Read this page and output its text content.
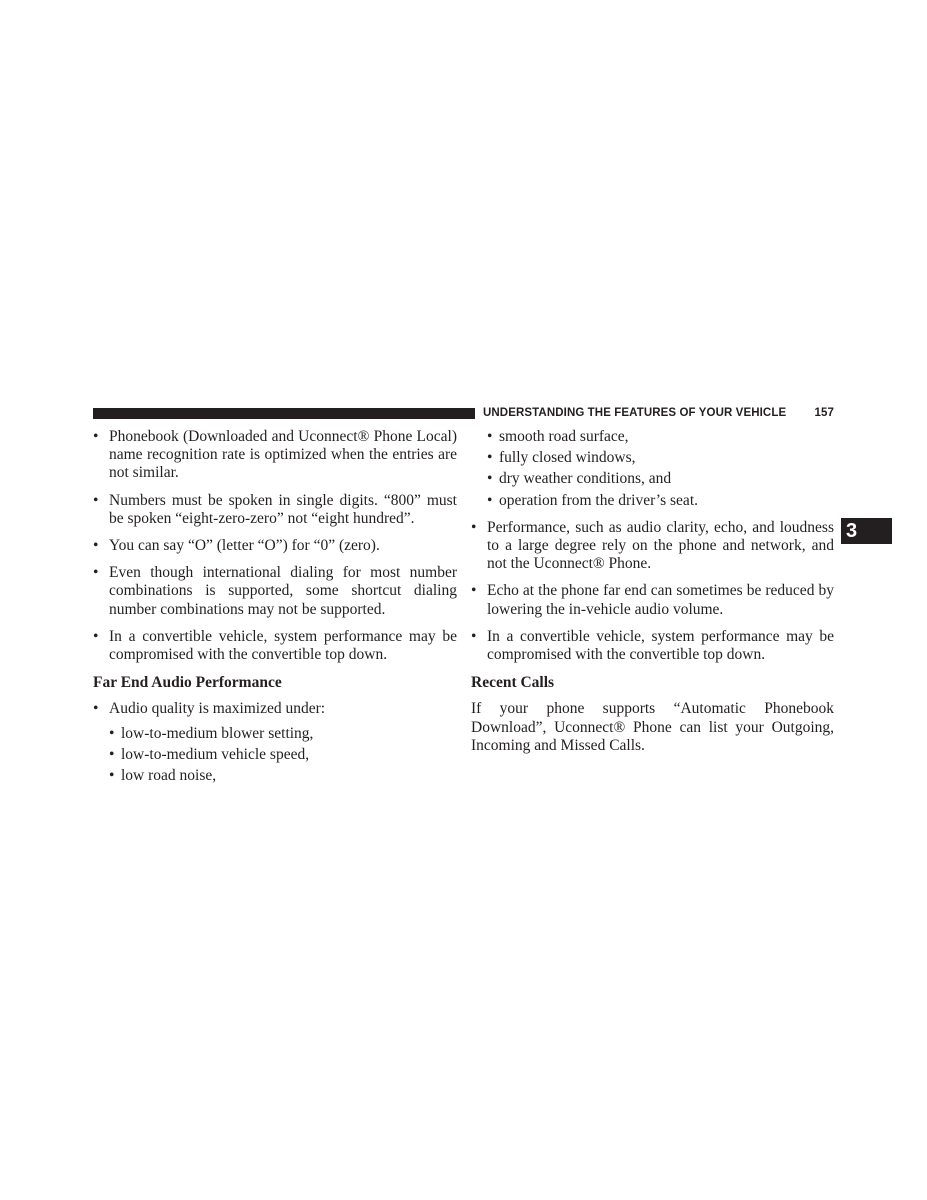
UNDERSTANDING THE FEATURES OF YOUR VEHICLE 157
3
• Phonebook (Downloaded and Uconnect® Phone Local) name recognition rate is optimized when the entries are not similar.
• Numbers must be spoken in single digits. “800” must be spoken “eight-zero-zero” not “eight hundred”.
• You can say “O” (letter “O”) for “0” (zero).
• Even though international dialing for most number combinations is supported, some shortcut dialing number combinations may not be supported.
• In a convertible vehicle, system performance may be compromised with the convertible top down.
Far End Audio Performance
• Audio quality is maximized under:
• low-to-medium blower setting,
• low-to-medium vehicle speed,
• low road noise,
• smooth road surface,
• fully closed windows,
• dry weather conditions, and
• operation from the driver’s seat.
• Performance, such as audio clarity, echo, and loudness to a large degree rely on the phone and network, and not the Uconnect® Phone.
• Echo at the phone far end can sometimes be reduced by lowering the in-vehicle audio volume.
• In a convertible vehicle, system performance may be compromised with the convertible top down.
Recent Calls
If your phone supports “Automatic Phonebook Download”, Uconnect® Phone can list your Outgoing, Incoming and Missed Calls.
